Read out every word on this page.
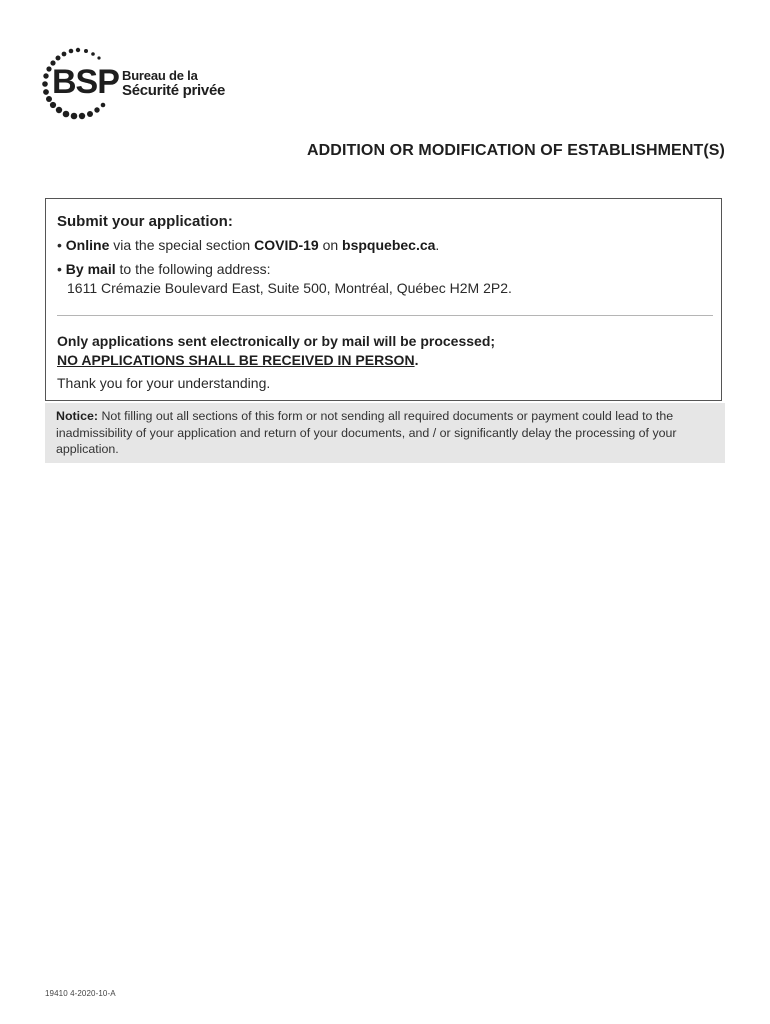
BSP Bureau de la
Sécurité privée
ADDITION OR MODIFICATION OF ESTABLISHMENT(S)
Submit your application:
• Online via the special section COVID-19 on bspquebec.ca.
• By mail to the following address:
1611 Crémazie Boulevard East, Suite 500, Montréal, Québec H2M 2P2.
Only applications sent electronically or by mail will be processed;
NO APPLICATIONS SHALL BE RECEIVED IN PERSON.
Thank you for your understanding.
Notice: Not filling out all sections of this form or not sending all required documents or payment could lead to the inadmissibility of your application and return of your documents, and / or significantly delay the processing of your application.
19410 4-2020-10-A
